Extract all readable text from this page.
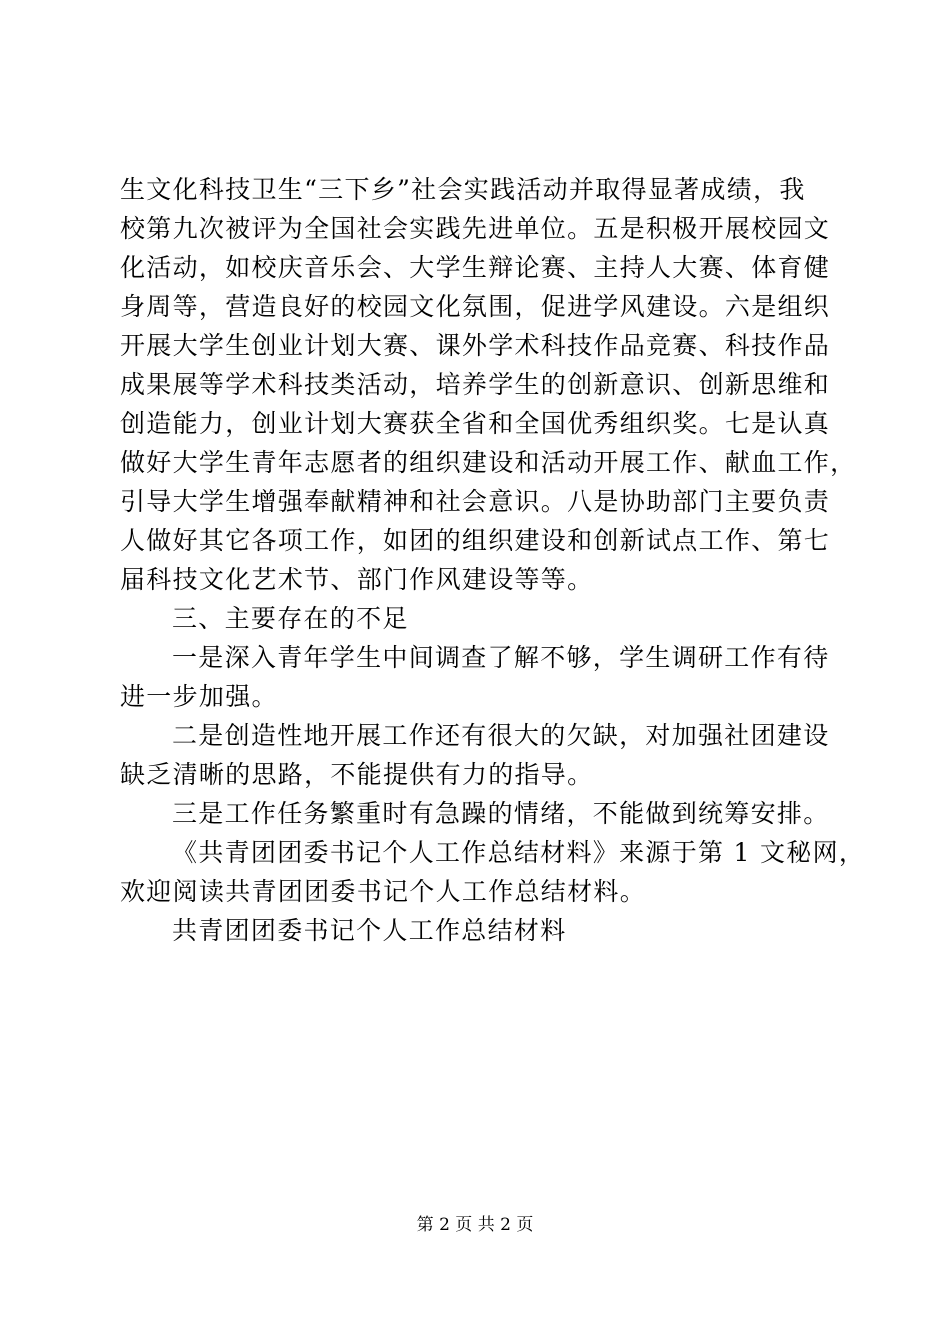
生文化科技卫生“三下乡”社会实践活动并取得显著成绩，我
校第九次被评为全国社会实践先进单位。五是积极开展校园文
化活动，如校庆音乐会、大学生辩论赛、主持人大赛、体育健
身周等，营造良好的校园文化氛围，促进学风建设。六是组织
开展大学生创业计划大赛、课外学术科技作品竞赛、科技作品
成果展等学术科技类活动，培养学生的创新意识、创新思维和
创造能力，创业计划大赛获全省和全国优秀组织奖。七是认真
做好大学生青年志愿者的组织建设和活动开展工作、献血工作，
引导大学生增强奉献精神和社会意识。八是协助部门主要负责
人做好其它各项工作，如团的组织建设和创新试点工作、第七
届科技文化艺术节、部门作风建设等等。
三、主要存在的不足
一是深入青年学生中间调查了解不够，学生调研工作有待
进一步加强。
二是创造性地开展工作还有很大的欠缺，对加强社团建设
缺乏清晰的思路，不能提供有力的指导。
三是工作任务繁重时有急躁的情绪，不能做到统筹安排。
《共青团团委书记个人工作总结材料》来源于第 1 文秘网，
欢迎阅读共青团团委书记个人工作总结材料。
共青团团委书记个人工作总结材料
第 2 页 共 2 页
